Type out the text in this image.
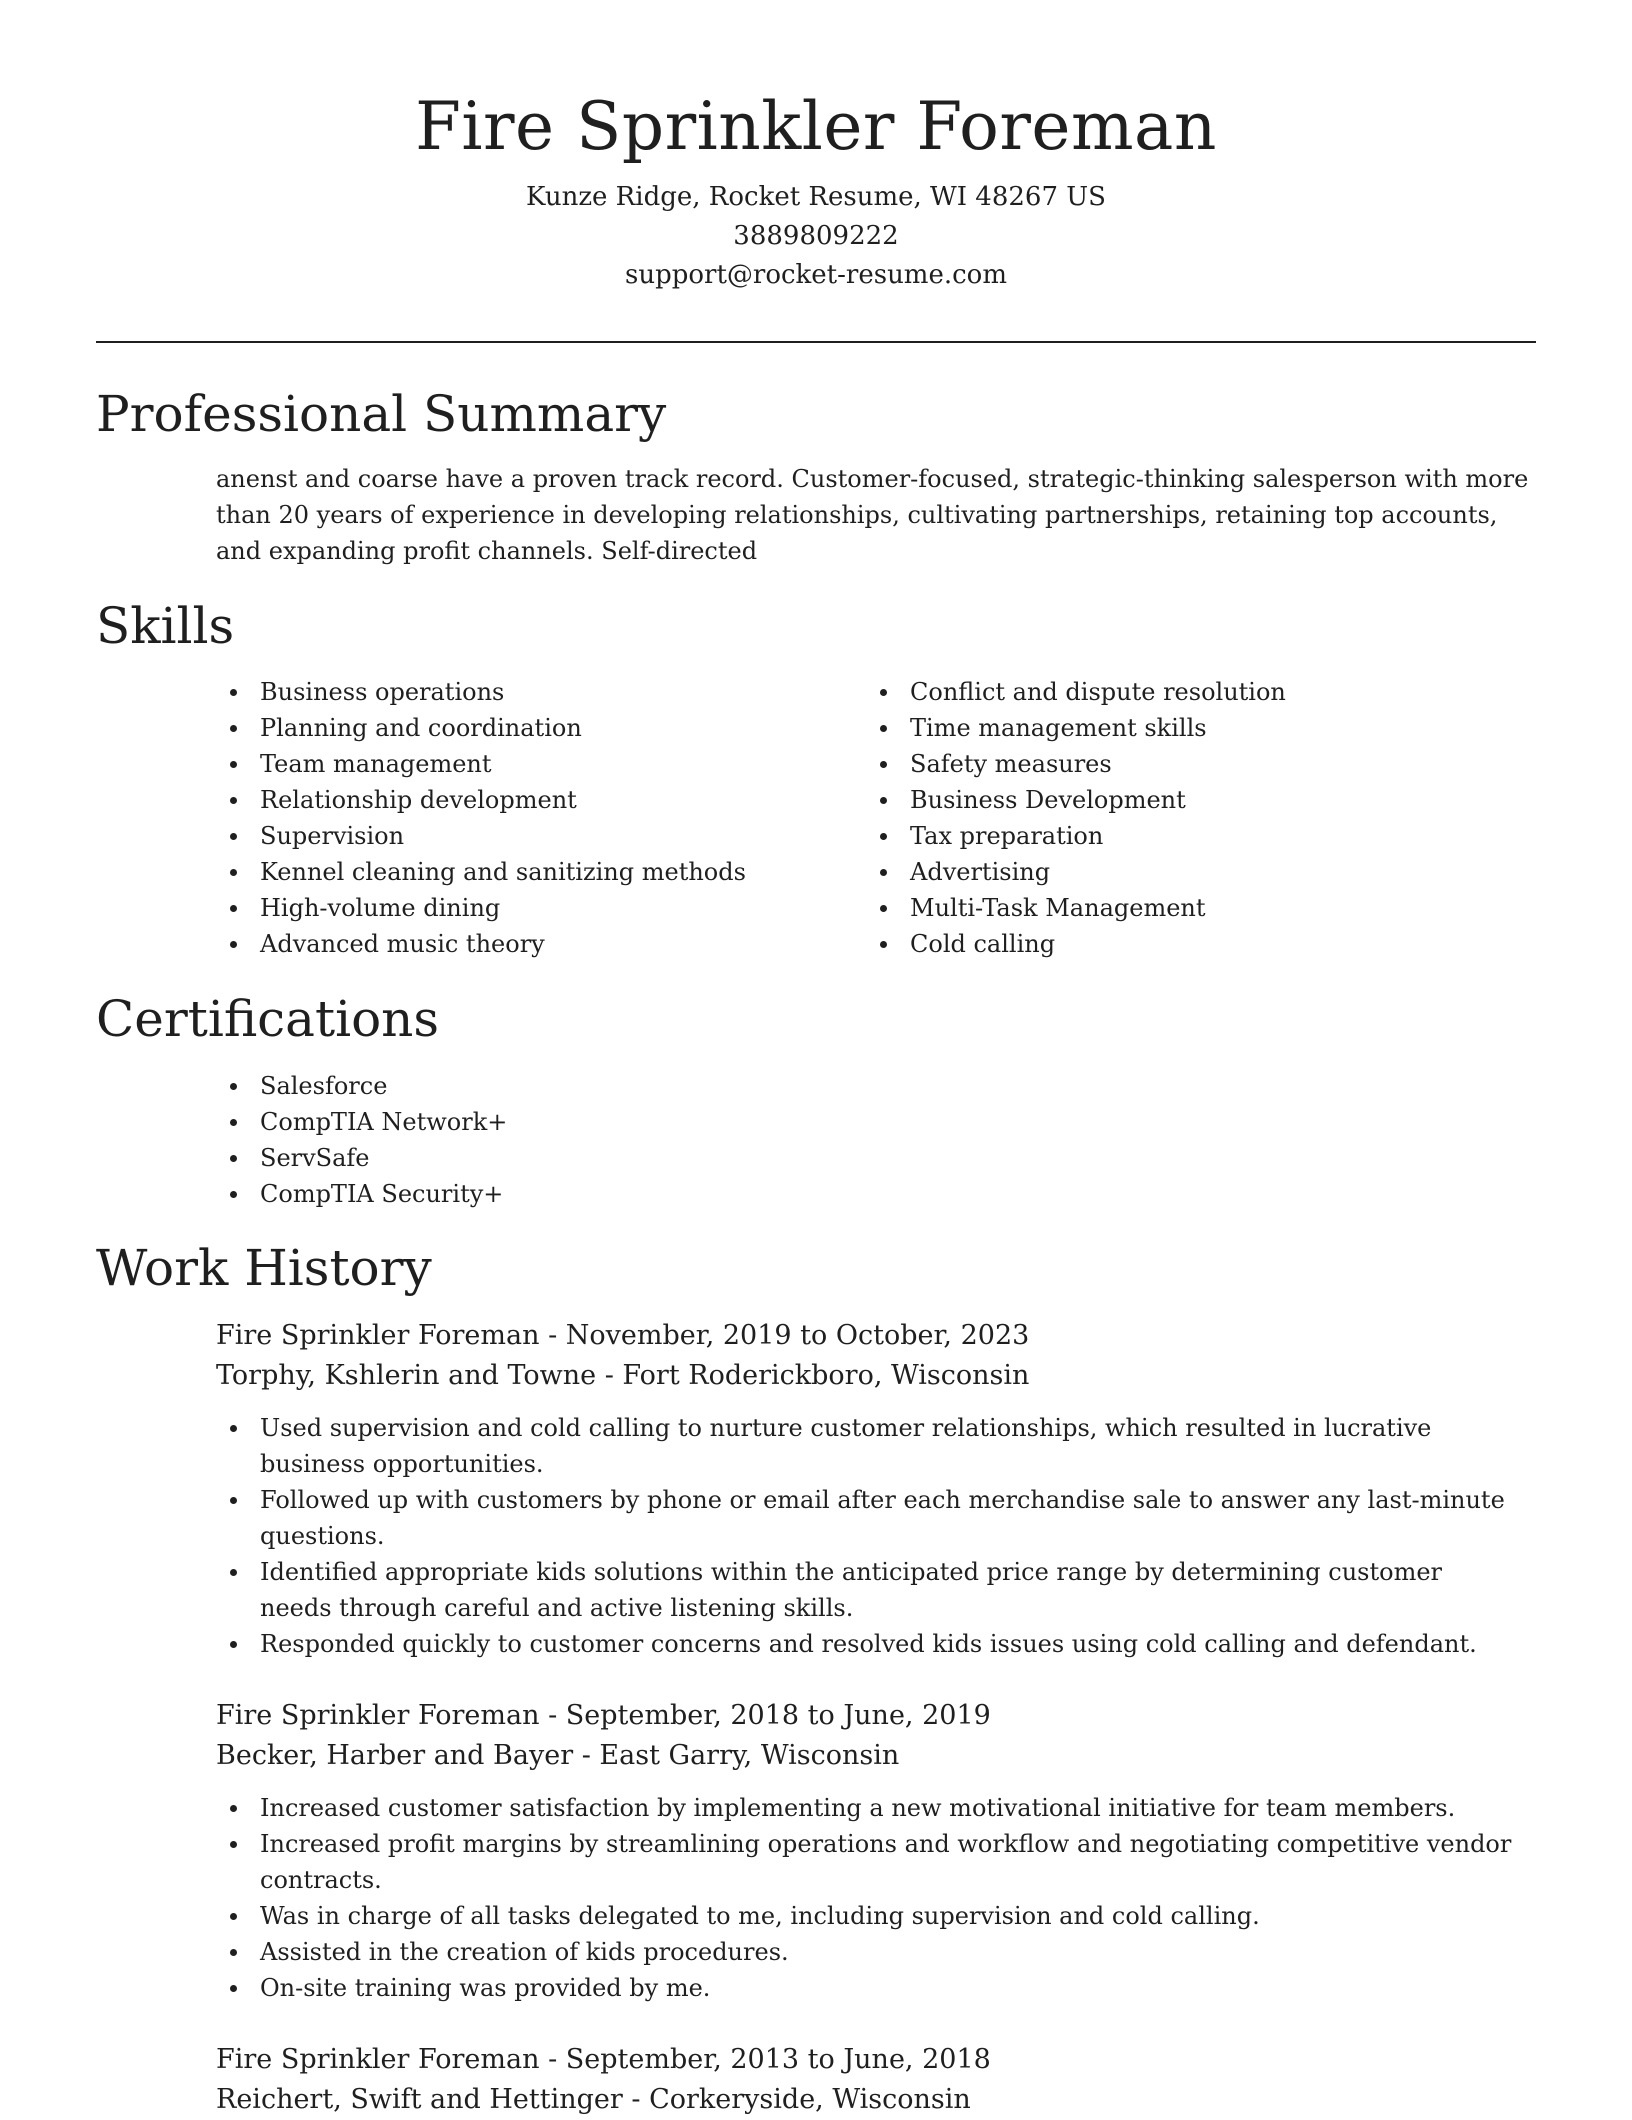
Fire Sprinkler Foreman

Kunze Ridge, Rocket Resume, WI 48267 US

3889809222

support@rocket-resume.com

Professional Summary

anenst and coarse have a proven track record. Customer-focused, strategic-thinking salesperson with more than 20 years of experience in developing relationships, cultivating partnerships, retaining top accounts, and expanding profit channels. Self-directed

Skills
Business operations
Planning and coordination
Team management
Relationship development
Supervision
Kennel cleaning and sanitizing methods
High-volume dining
Advanced music theory
Conflict and dispute resolution
Time management skills
Safety measures
Business Development
Tax preparation
Advertising
Multi-Task Management
Cold calling
Certifications
Salesforce
CompTIA Network+
ServSafe
CompTIA Security+
Work History

Fire Sprinkler Foreman - November, 2019 to October, 2023

Torphy, Kshlerin and Towne - Fort Roderickboro, Wisconsin

Used supervision and cold calling to nurture customer relationships, which resulted in lucrative business opportunities.
Followed up with customers by phone or email after each merchandise sale to answer any last-minute questions.
Identified appropriate kids solutions within the anticipated price range by determining customer needs through careful and active listening skills.
Responded quickly to customer concerns and resolved kids issues using cold calling and defendant.

Fire Sprinkler Foreman - September, 2018 to June, 2019

Becker, Harber and Bayer - East Garry, Wisconsin

Increased customer satisfaction by implementing a new motivational initiative for team members.
Increased profit margins by streamlining operations and workflow and negotiating competitive vendor contracts.
Was in charge of all tasks delegated to me, including supervision and cold calling.
Assisted in the creation of kids procedures.
On-site training was provided by me.

Fire Sprinkler Foreman - September, 2013 to June, 2018

Reichert, Swift and Hettinger - Corkeryside, Wisconsin
